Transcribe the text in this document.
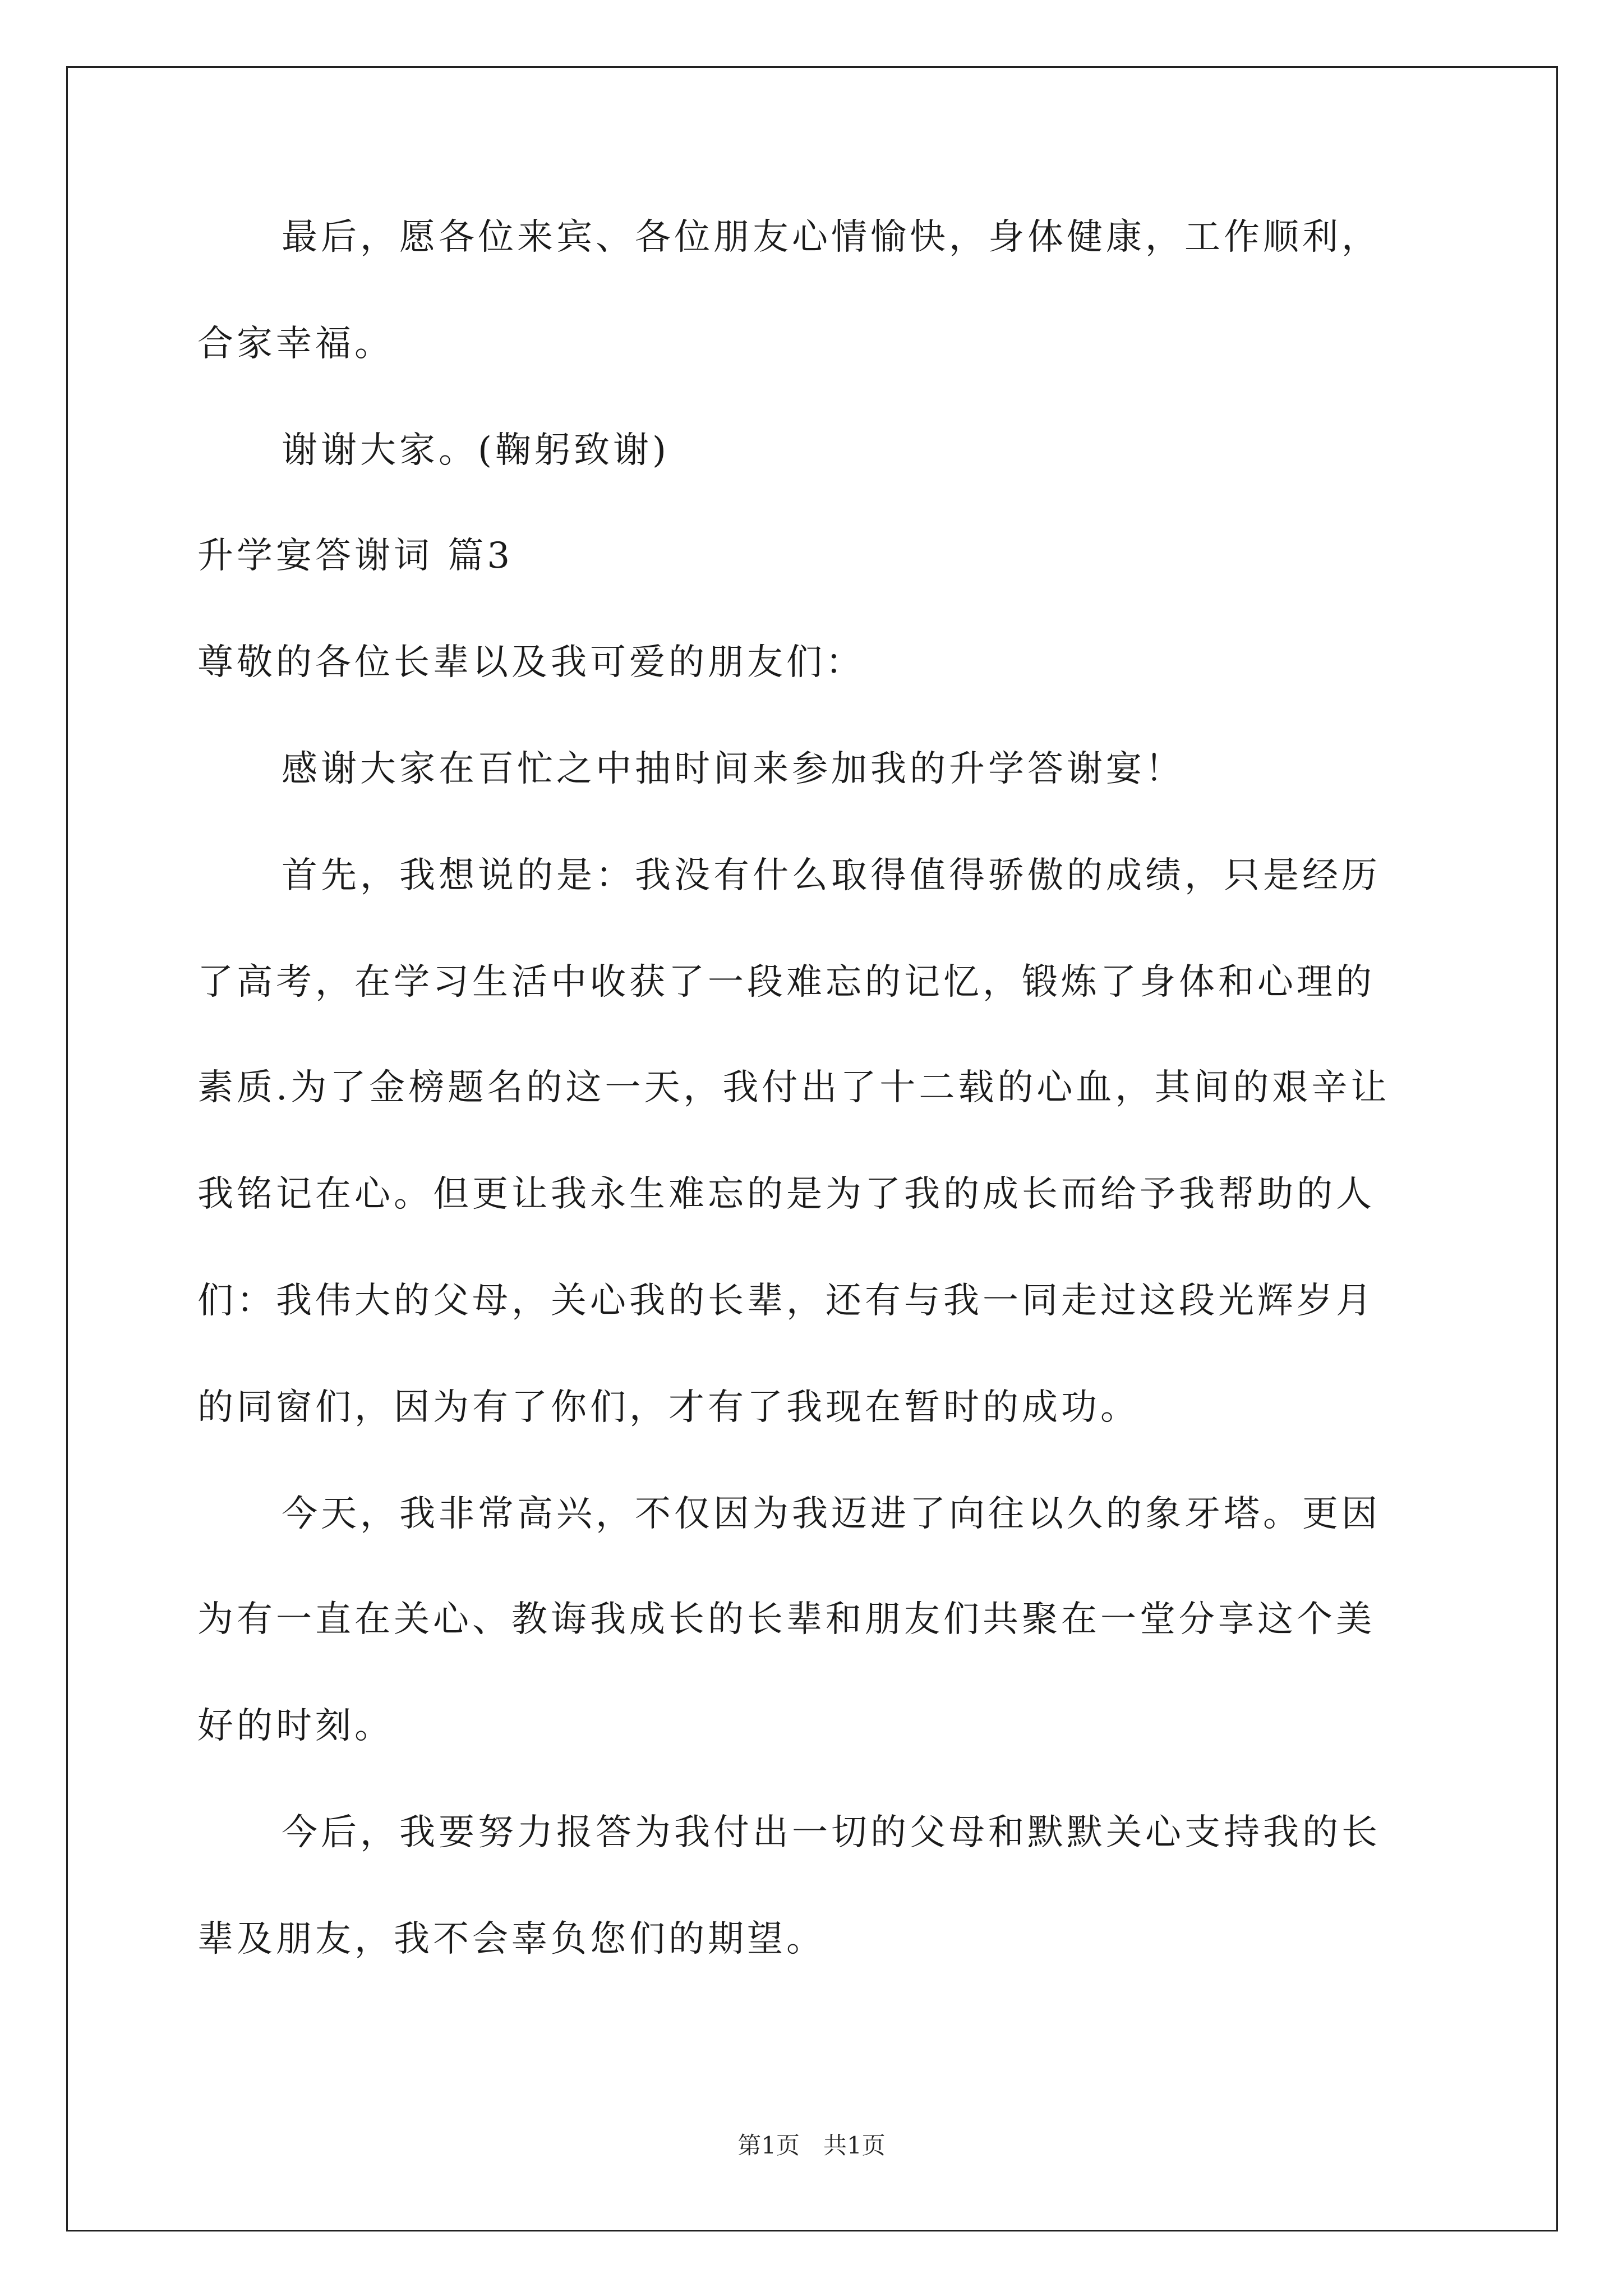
最后，愿各位来宾、各位朋友心情愉快，身体健康，工作顺利，
合家幸福。
谢谢大家。(鞠躬致谢)
升学宴答谢词 篇3
尊敬的各位长辈以及我可爱的朋友们：
感谢大家在百忙之中抽时间来参加我的升学答谢宴！
首先，我想说的是：我没有什么取得值得骄傲的成绩，只是经历
了高考，在学习生活中收获了一段难忘的记忆，锻炼了身体和心理的
素质.为了金榜题名的这一天，我付出了十二载的心血，其间的艰辛让
我铭记在心。但更让我永生难忘的是为了我的成长而给予我帮助的人
们：我伟大的父母，关心我的长辈，还有与我一同走过这段光辉岁月
的同窗们，因为有了你们，才有了我现在暂时的成功。
今天，我非常高兴，不仅因为我迈进了向往以久的象牙塔。更因
为有一直在关心、教诲我成长的长辈和朋友们共聚在一堂分享这个美
好的时刻。
今后，我要努力报答为我付出一切的父母和默默关心支持我的长
辈及朋友，我不会辜负您们的期望。
第1页　共1页
